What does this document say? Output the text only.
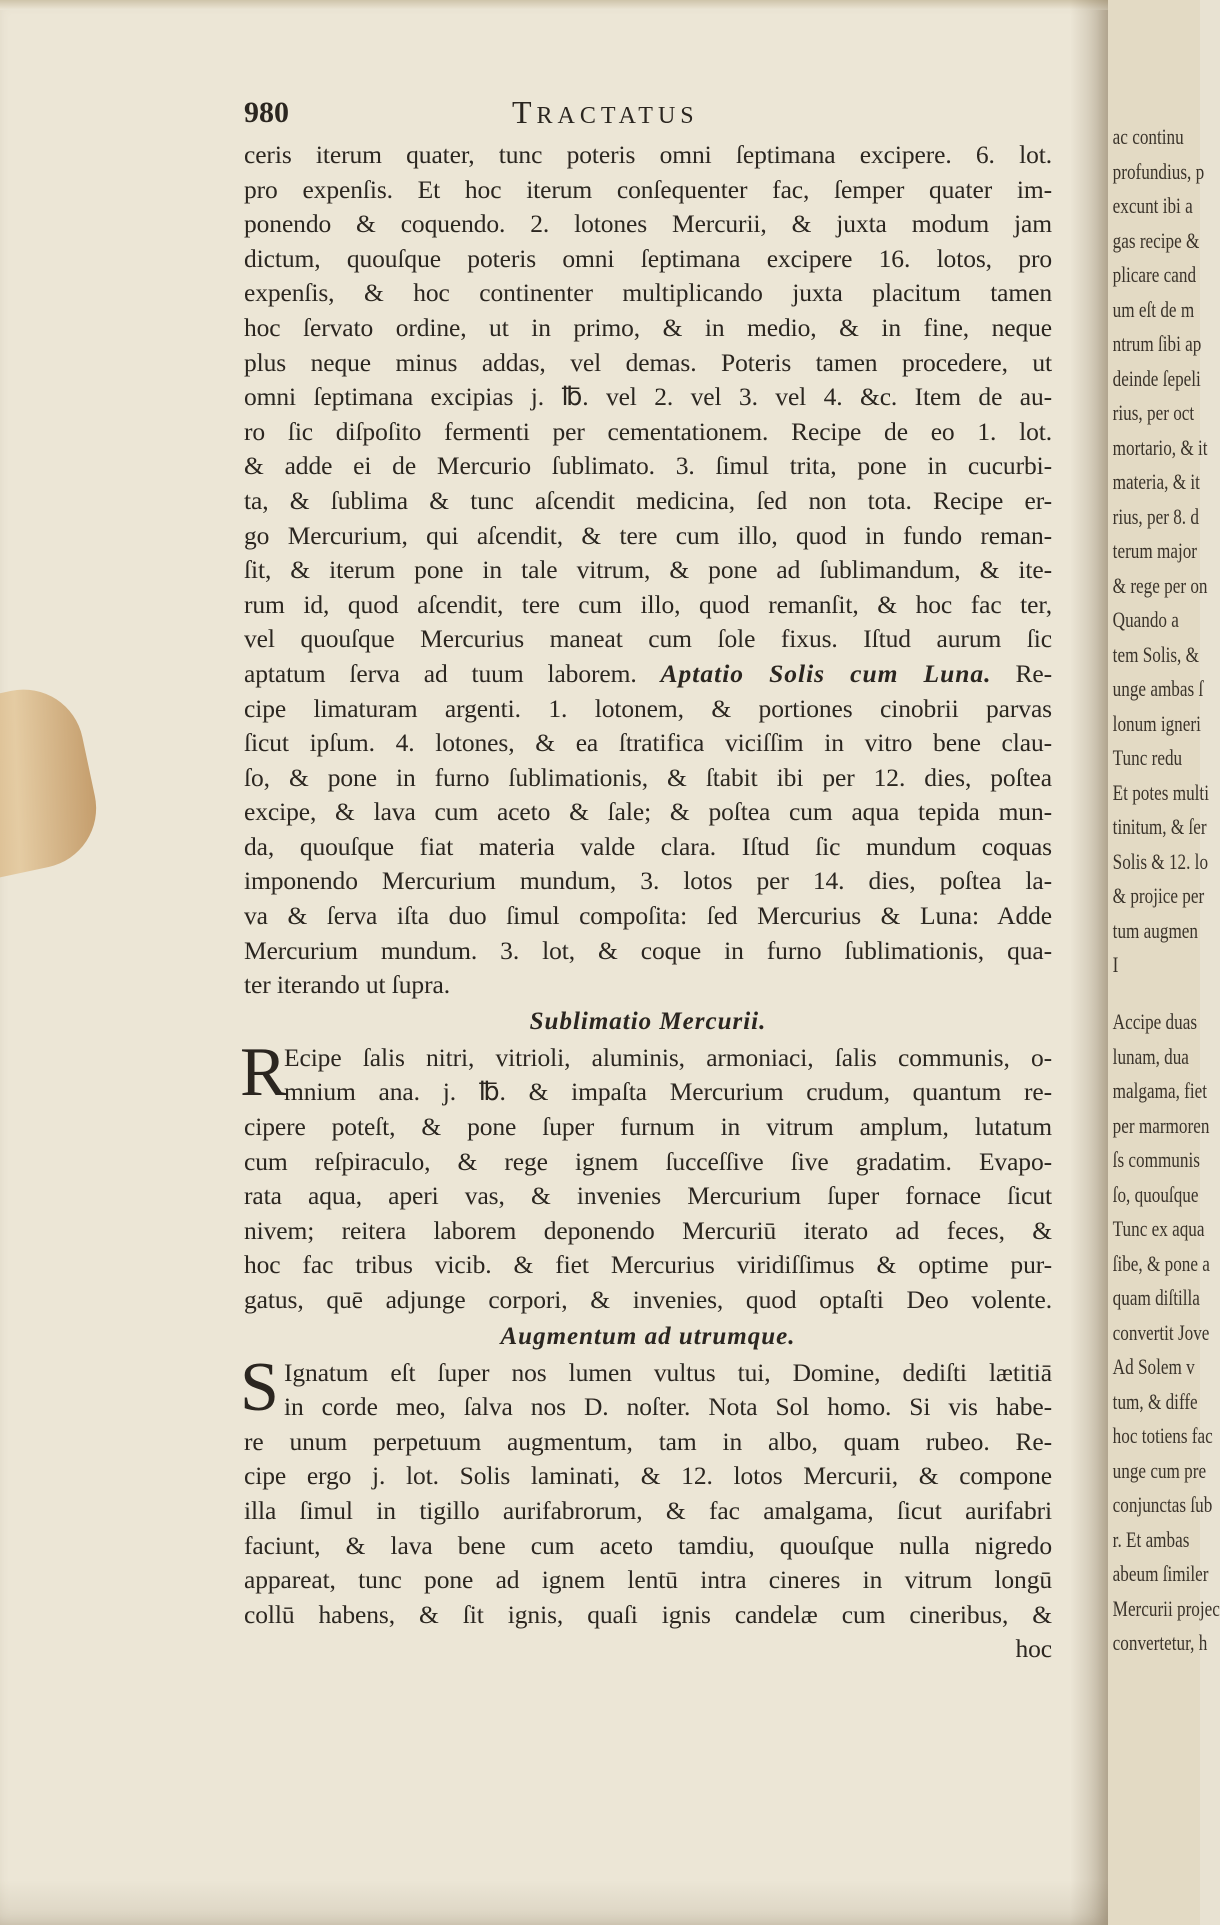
980	TRACTATUS
ceris iterum quater, tunc poteris omni ſeptimana excipere. 6. lot.
pro expenſis. Et hoc iterum conſequenter fac, ſemper quater im-
ponendo & coquendo. 2. lotones Mercurii, & juxta modum jam
dictum, quouſque poteris omni ſeptimana excipere 16. lotos, pro
expenſis, & hoc continenter multiplicando juxta placitum tamen
hoc ſervato ordine, ut in primo, & in medio, & in fine, neque
plus neque minus addas, vel demas. Poteris tamen procedere, ut
omni ſeptimana excipias j. ℔. vel 2. vel 3. vel 4. &c. Item de au-
ro ſic diſpoſito fermenti per cementationem. Recipe de eo 1. lot.
& adde ei de Mercurio ſublimato. 3. ſimul trita, pone in cucurbi-
ta, & ſublima & tunc aſcendit medicina, ſed non tota. Recipe er-
go Mercurium, qui aſcendit, & tere cum illo, quod in fundo reman-
ſit, & iterum pone in tale vitrum, & pone ad ſublimandum, & ite-
rum id, quod aſcendit, tere cum illo, quod remanſit, & hoc fac ter,
vel quouſque Mercurius maneat cum ſole fixus. Iſtud aurum ſic
aptatum ſerva ad tuum laborem. Aptatio Solis cum Luna. Re-
cipe limaturam argenti. 1. lotonem, & portiones cinobrii parvas
ſicut ipſum. 4. lotones, & ea ſtratifica viciſſim in vitro bene clau-
ſo, & pone in furno ſublimationis, & ſtabit ibi per 12. dies, poſtea
excipe, & lava cum aceto & ſale; & poſtea cum aqua tepida mun-
da, quouſque fiat materia valde clara. Iſtud ſic mundum coquas
imponendo Mercurium mundum, 3. lotos per 14. dies, poſtea la-
va & ſerva iſta duo ſimul compoſita: ſed Mercurius & Luna: Adde
Mercurium mundum. 3. lot, & coque in furno ſublimationis, qua-
ter iterando ut ſupra.
Sublimatio Mercurii.
R
Ecipe ſalis nitri, vitrioli, aluminis, armoniaci, ſalis communis, o-
mnium ana. j. ℔. & impaſta Mercurium crudum, quantum re-
cipere poteſt, & pone ſuper furnum in vitrum amplum, lutatum
cum reſpiraculo, & rege ignem ſucceſſive ſive gradatim. Evapo-
rata aqua, aperi vas, & invenies Mercurium ſuper fornace ſicut
nivem; reitera laborem deponendo Mercuriū iterato ad feces, &
hoc fac tribus vicib. & fiet Mercurius viridiſſimus & optime pur-
gatus, quē adjunge corpori, & invenies, quod optaſti Deo volente.
Augmentum ad utrumque.
S Ignatum eſt ſuper nos lumen vultus tui, Domine, dediſti lætitiā
in corde meo, ſalva nos D. noſter. Nota Sol homo. Si vis habe-
re unum perpetuum augmentum, tam in albo, quam rubeo. Re-
cipe ergo j. lot. Solis laminati, & 12. lotos Mercurii, & compone
illa ſimul in tigillo aurifabrorum, & fac amalgama, ſicut aurifabri
faciunt, & lava bene cum aceto tamdiu, quouſque nulla nigredo
appareat, tunc pone ad ignem lentū intra cineres in vitrum longū
collū habens, & ſit ignis, quaſi ignis candelæ cum cineribus, &
hoc
ac continu
profundius, p
excunt ibi a
gas recipe &
plicare cand
um eſt de m
ntrum ſibi ap
deinde ſepeli
rius, per oct
mortario, & it
materia, & it
rius, per 8. d
terum major
& rege per on
Quando a
tem Solis, &
unge ambas ſ
lonum igneri
Tunc redu
Et potes multi
tinitum, & ſer
Solis & 12. lo
& projice per
tum augmen
I
Accipe duas
lunam, dua
malgama, fiet
per marmoren
ſs communis
ſo, quouſque
Tunc ex aqua
ſibe, & pone a
quam diſtilla
convertit Jove
Ad Solem v
tum, & diffe
hoc totiens fac
unge cum pre
conjunctas ſub
r. Et ambas
abeum ſimiler
Mercurii projec
convertetur, h
